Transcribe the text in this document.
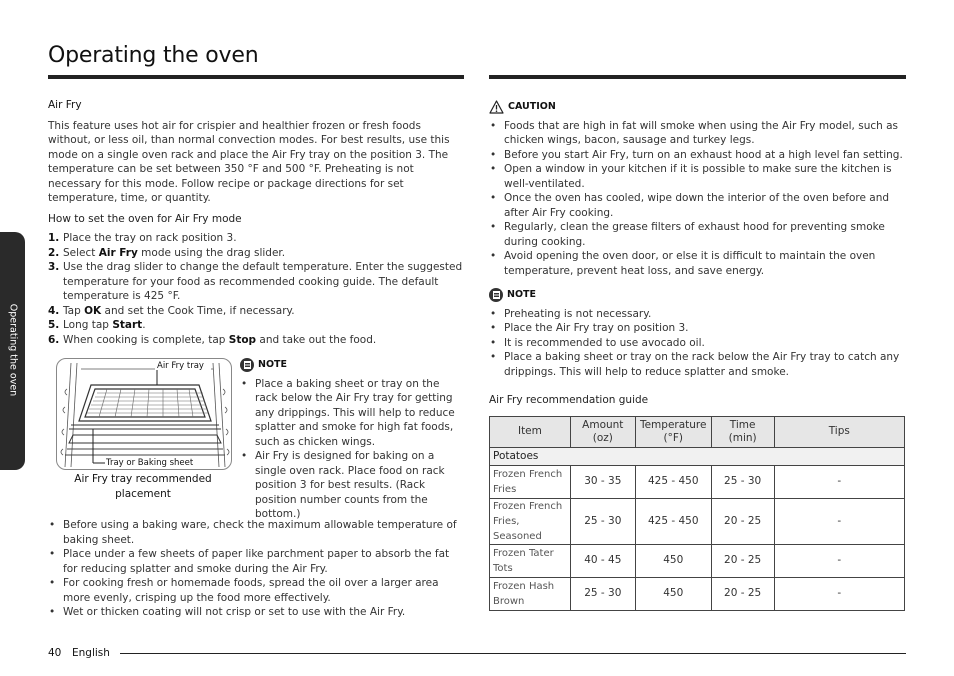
Operating the oven
Operating the oven
Air Fry

This feature uses hot air for crispier and healthier frozen or fresh foods without, or less oil, than normal convection modes. For best results, use this mode on a single oven rack and place the Air Fry tray on the position 3. The temperature can be set between 350 °F and 500 °F. Preheating is not necessary for this mode. Follow recipe or package directions for set temperature, time, or quantity.

How to set the oven for Air Fry mode
1. Place the tray on rack position 3.
2. Select Air Fry mode using the drag slider.
3. Use the drag slider to change the default temperature. Enter the suggested temperature for your food as recommended cooking guide. The default temperature is 425 °F.
4. Tap OK and set the Cook Time, if necessary.
5. Long tap Start.
6. When cooking is complete, tap Stop and take out the food.
Air Fry tray
Tray or Baking sheet
Air Fry tray recommended placement
NOTE
• Place a baking sheet or tray on the rack below the Air Fry tray for getting any drippings. This will help to reduce splatter and smoke for high fat foods, such as chicken wings.
• Air Fry is designed for baking on a single oven rack. Place food on rack position 3 for best results. (Rack position number counts from the bottom.)
• Before using a baking ware, check the maximum allowable temperature of baking sheet.
• Place under a few sheets of paper like parchment paper to absorb the fat for reducing splatter and smoke during the Air Fry.
• For cooking fresh or homemade foods, spread the oil over a larger area more evenly, crisping up the food more effectively.
• Wet or thicken coating will not crisp or set to use with the Air Fry.
CAUTION
• Foods that are high in fat will smoke when using the Air Fry model, such as chicken wings, bacon, sausage and turkey legs.
• Before you start Air Fry, turn on an exhaust hood at a high level fan setting.
• Open a window in your kitchen if it is possible to make sure the kitchen is well-ventilated.
• Once the oven has cooled, wipe down the interior of the oven before and after Air Fry cooking.
• Regularly, clean the grease filters of exhaust hood for preventing smoke during cooking.
• Avoid opening the oven door, or else it is difficult to maintain the oven temperature, prevent heat loss, and save energy.
NOTE
• Preheating is not necessary.
• Place the Air Fry tray on position 3.
• It is recommended to use avocado oil.
• Place a baking sheet or tray on the rack below the Air Fry tray to catch any drippings. This will help to reduce splatter and smoke.
Air Fry recommendation guide
Item	Amount (oz)	Temperature (°F)	Time (min)	Tips
Potatoes				
Frozen French Fries	30 - 35	425 - 450	25 - 30	-
Frozen French Fries, Seasoned	25 - 30	425 - 450	20 - 25	-
Frozen Tater Tots	40 - 45	450	20 - 25	-
Frozen Hash Brown	25 - 30	450	20 - 25	-
40 English
